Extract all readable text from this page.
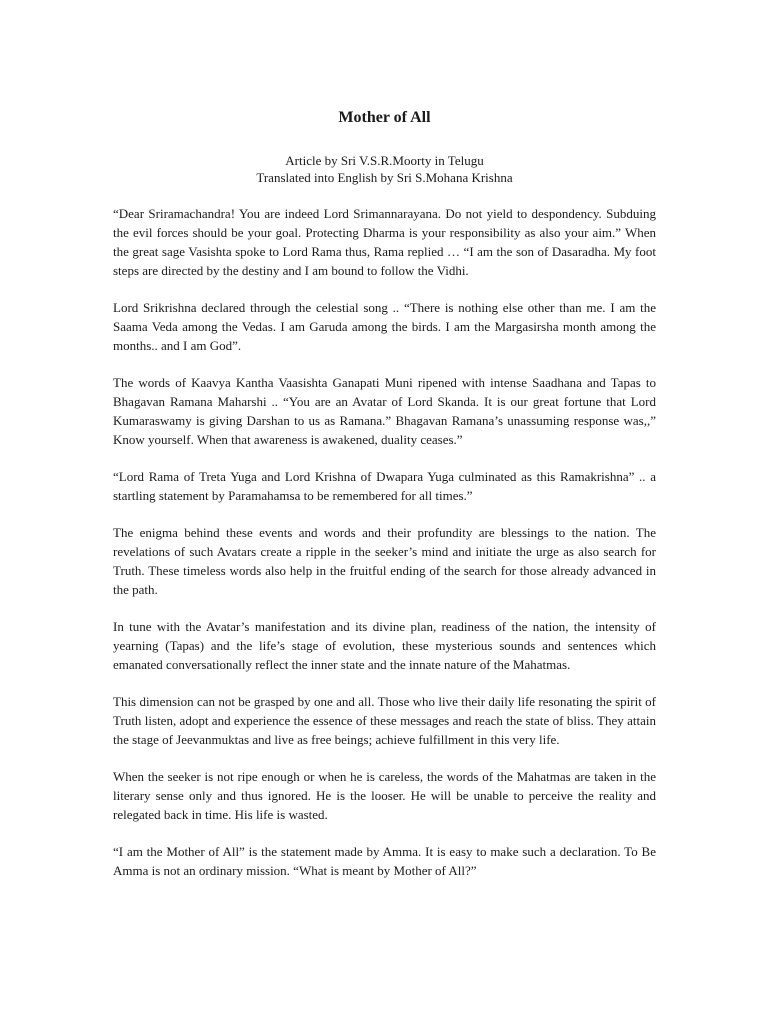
Mother of All
Article by Sri V.S.R.Moorty in Telugu
Translated into English by Sri S.Mohana Krishna

“Dear Sriramachandra! You are indeed Lord Srimannarayana. Do not yield to despondency. Subduing the evil forces should be your goal. Protecting Dharma is your responsibility as also your aim.” When the great sage Vasishta spoke to Lord Rama thus, Rama replied … “I am the son of Dasaradha. My foot steps are directed by the destiny and I am bound to follow the Vidhi.

Lord Srikrishna declared through the celestial song .. “There is nothing else other than me. I am the Saama Veda among the Vedas. I am Garuda among the birds. I am the Margasirsha month among the months.. and I am God”.

The words of Kaavya Kantha Vaasishta Ganapati Muni ripened with intense Saadhana and Tapas to Bhagavan Ramana Maharshi .. “You are an Avatar of Lord Skanda. It is our great fortune that Lord Kumaraswamy is giving Darshan to us as Ramana.” Bhagavan Ramana’s unassuming response was,,” Know yourself. When that awareness is awakened, duality ceases.”

“Lord Rama of Treta Yuga and Lord Krishna of Dwapara Yuga culminated as this Ramakrishna” .. a startling statement by Paramahamsa to be remembered for all times.”

The enigma behind these events and words and their profundity are blessings to the nation. The revelations of such Avatars create a ripple in the seeker’s mind and initiate the urge as also search for Truth. These timeless words also help in the fruitful ending of the search for those already advanced in the path.

In tune with the Avatar’s manifestation and its divine plan, readiness of the nation, the intensity of yearning (Tapas) and the life’s stage of evolution, these mysterious sounds and sentences which emanated conversationally reflect the inner state and the innate nature of the Mahatmas.

This dimension can not be grasped by one and all. Those who live their daily life resonating the spirit of Truth listen, adopt and experience the essence of these messages and reach the state of bliss. They attain the stage of Jeevanmuktas and live as free beings; achieve fulfillment in this very life.

When the seeker is not ripe enough or when he is careless, the words of the Mahatmas are taken in the literary sense only and thus ignored. He is the looser. He will be unable to perceive the reality and relegated back in time. His life is wasted.

“I am the Mother of All” is the statement made by Amma. It is easy to make such a declaration. To Be Amma is not an ordinary mission. “What is meant by Mother of All?”
